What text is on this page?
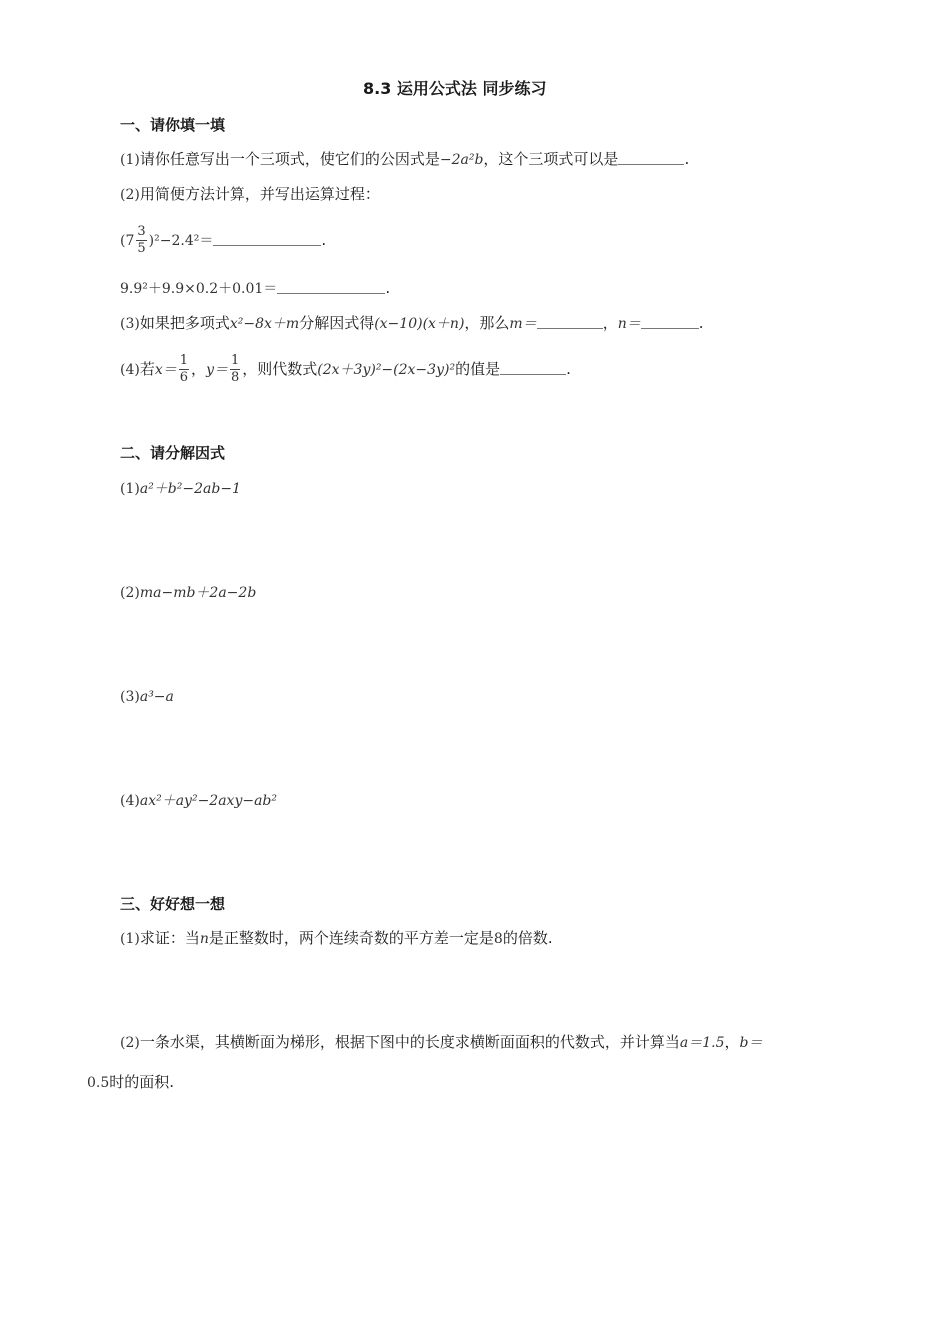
8.3 运用公式法 同步练习
一、请你填一填
(1)请你任意写出一个三项式，使它们的公因式是−2a²b，这个三项式可以是	.
(2)用简便方法计算，并写出运算过程：
$(7 \frac{3}{5} )^2-2.4^2=$	.
9.9²＋9.9×0.2＋0.01＝	.
(3)如果把多项式x²−8x＋m分解因式得(x−10)(x＋n)，那么m＝	，n＝	.
(4)若$x= \frac{1}{6}$ ，$y= \frac{1}{8}$ ，则代数式(2x＋3y)²−(2x−3y)²的值是	.
二、请分解因式
(1)a²＋b²−2ab−1
(2)ma−mb＋2a−2b
(3)a³−a
(4)ax²＋ay²−2axy−ab²
三、好好想一想
(1)求证：当n是正整数时，两个连续奇数的平方差一定是8的倍数.
(2)一条水渠，其横断面为梯形，根据下图中的长度求横断面面积的代数式，并计算当a＝1.5，b＝
0.5时的面积.
